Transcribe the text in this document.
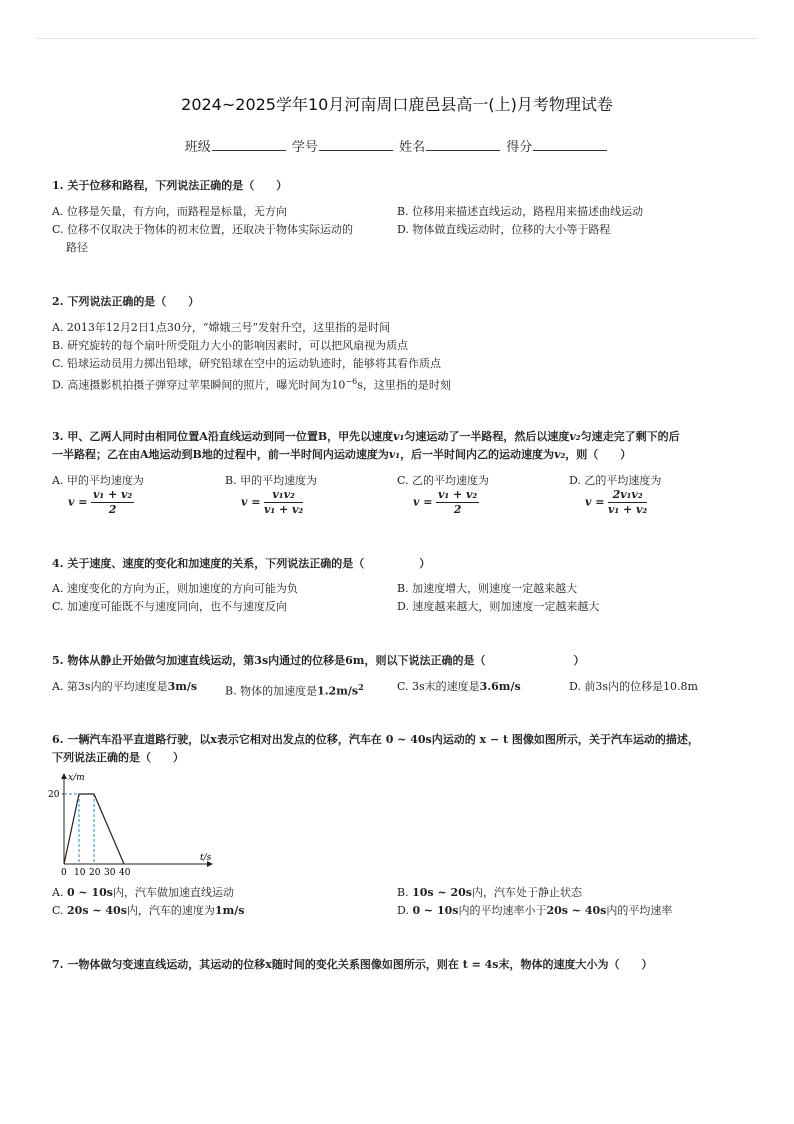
2024~2025学年10月河南周口鹿邑县高一(上)月考物理试卷
班级	学号	姓名	得分
1. 关于位移和路程，下列说法正确的是（　　）
A. 位移是矢量，有方向，而路程是标量，无方向	B. 位移用来描述直线运动，路程用来描述曲线运动
C. 位移不仅取决于物体的初末位置，还取决于物体实际运动的
路径
D. 物体做直线运动时，位移的大小等于路程
2. 下列说法正确的是（　　）
A. 2013年12月2日1点30分，“嫦娥三号”发射升空，这里指的是时间
B. 研究旋转的每个扇叶所受阻力大小的影响因素时，可以把风扇视为质点
C. 铅球运动员用力掷出铅球，研究铅球在空中的运动轨迹时，能够将其看作质点
D. 高速摄影机拍摄子弹穿过苹果瞬间的照片，曝光时间为$10^{-6}s$，这里指的是时刻
3. 甲、乙两人同时由相同位置A沿直线运动到同一位置B，甲先以速度v₁匀速运动了一半路程，然后以速度v₂匀速走完了剩下的后
一半路程；乙在由A地运动到B地的过程中，前一半时间内运动速度为v₁，后一半时间内乙的运动速度为v₂，则（　　）
A. 甲的平均速度为
$v = \frac{\text{v₁ + v₂}}{2}$
B. 甲的平均速度为
$v = \frac{\text{v₁v₂}}{\text{v₁ + v₂}}$
C. 乙的平均速度为
$v = \frac{\text{v₁ + v₂}}{2}$
D. 乙的平均速度为
$v = \frac{\text{2v₁v₂}}{\text{v₁ + v₂}}$
4. 关于速度、速度的变化和加速度的关系，下列说法正确的是（　　　　　）
A. 速度变化的方向为正，则加速度的方向可能为负	B. 加速度增大，则速度一定越来越大
C. 加速度可能既不与速度同向，也不与速度反向	D. 速度越来越大，则加速度一定越来越大
5. 物体从静止开始做匀加速直线运动，第3s内通过的位移是6m，则以下说法正确的是（　　　　　　　　）
A. 第3s内的平均速度是3m/s	B. 物体的加速度是$1.2m/s^2$	C. 3s末的速度是3.6m/s	D. 前3s内的位移是10.8m
6. 一辆汽车沿平直道路行驶，以x表示它相对出发点的位移，汽车在 0 ~ 40s内运动的 x − t 图像如图所示，关于汽车运动的描述，
下列说法正确的是（　　）
x/m
t/s
0 10 20 30 40
20
A. 0 ~ 10s内，汽车做加速直线运动	B. 10s ~ 20s内，汽车处于静止状态
C. 20s ~ 40s内，汽车的速度为1m/s	D. 0 ~ 10s内的平均速率小于20s ~ 40s内的平均速率
7. 一物体做匀变速直线运动，其运动的位移x随时间的变化关系图像如图所示，则在 t = 4s末，物体的速度大小为（　　）
